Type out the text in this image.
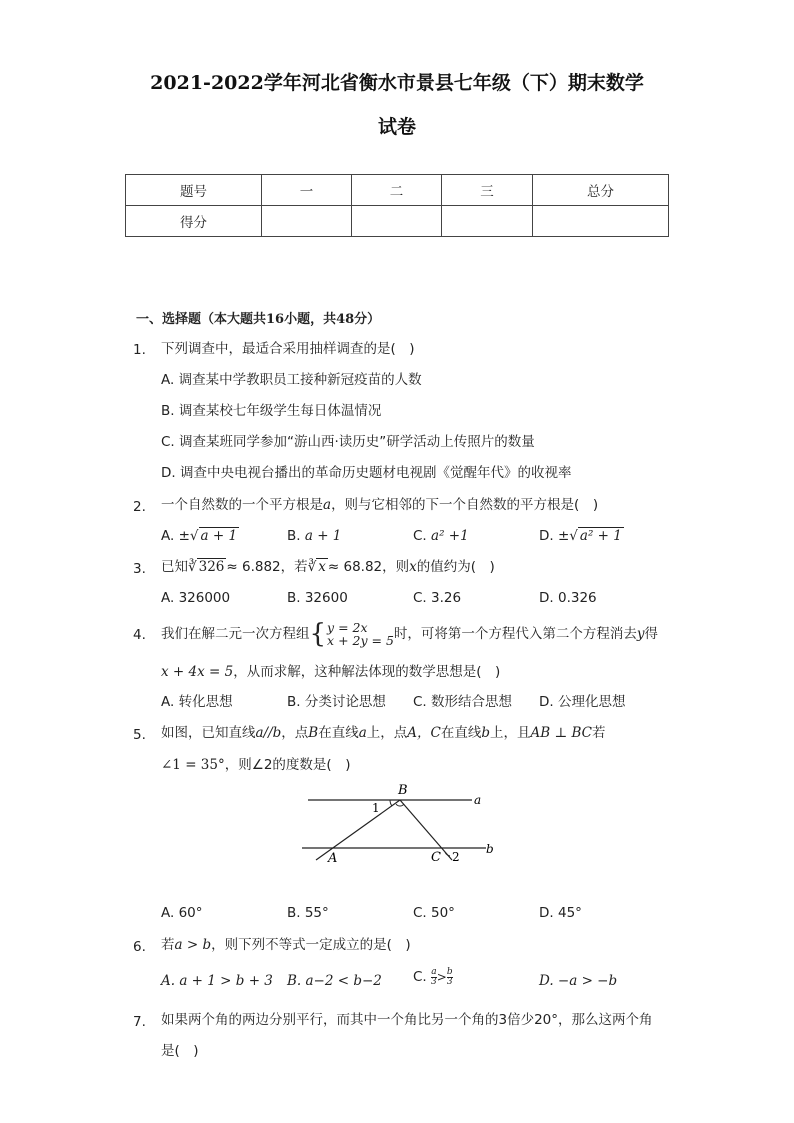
2021-2022学年河北省衡水市景县七年级（下）期末数学
试卷
题号	一	二	三	总分
得分				
一、选择题（本大题共16小题，共48分）
1. 下列调查中，最适合采用抽样调查的是(　)
A. 调查某中学教职员工接种新冠疫苗的人数
B. 调查某校七年级学生每日体温情况
C. 调查某班同学参加“游山西·读历史”研学活动上传照片的数量
D. 调查中央电视台播出的革命历史题材电视剧《觉醒年代》的收视率
2. 一个自然数的一个平方根是a，则与它相邻的下一个自然数的平方根是(　)
A. ±√ a + 1	B. a + 1	C. a² +1	D. ±√ a² + 1
3. 已知∛ 326 ≈ 6.882，若∛ x ≈ 68.82，则x的值约为(　)
A. 326000	B. 32600	C. 3.26	D. 0.326
4. 我们在解二元一次方程组{ y = 2x
x + 2y = 5 时，可将第一个方程代入第二个方程消去y得
x + 4x = 5，从而求解，这种解法体现的数学思想是(　)
A. 转化思想	B. 分类讨论思想 C. 数形结合思想 D. 公理化思想
5. 如图，已知直线a//b，点B在直线a上，点A，C在直线b上，且AB ⊥ BC若
∠1 = 35°，则∠2的度数是(　)
B
a
1
b
A	C 2
A. 60°	B. 55°	C. 50°	D. 45°
6. 若a > b，则下列不等式一定成立的是(　)
A. a + 1 > b + 3 B. a−2 < b−2 C. $\frac{a}{3} > \frac{b}{3}$	D. −a > −b
7. 如果两个角的两边分别平行，而其中一个角比另一个角的3倍少20°，那么这两个角
是(　)
